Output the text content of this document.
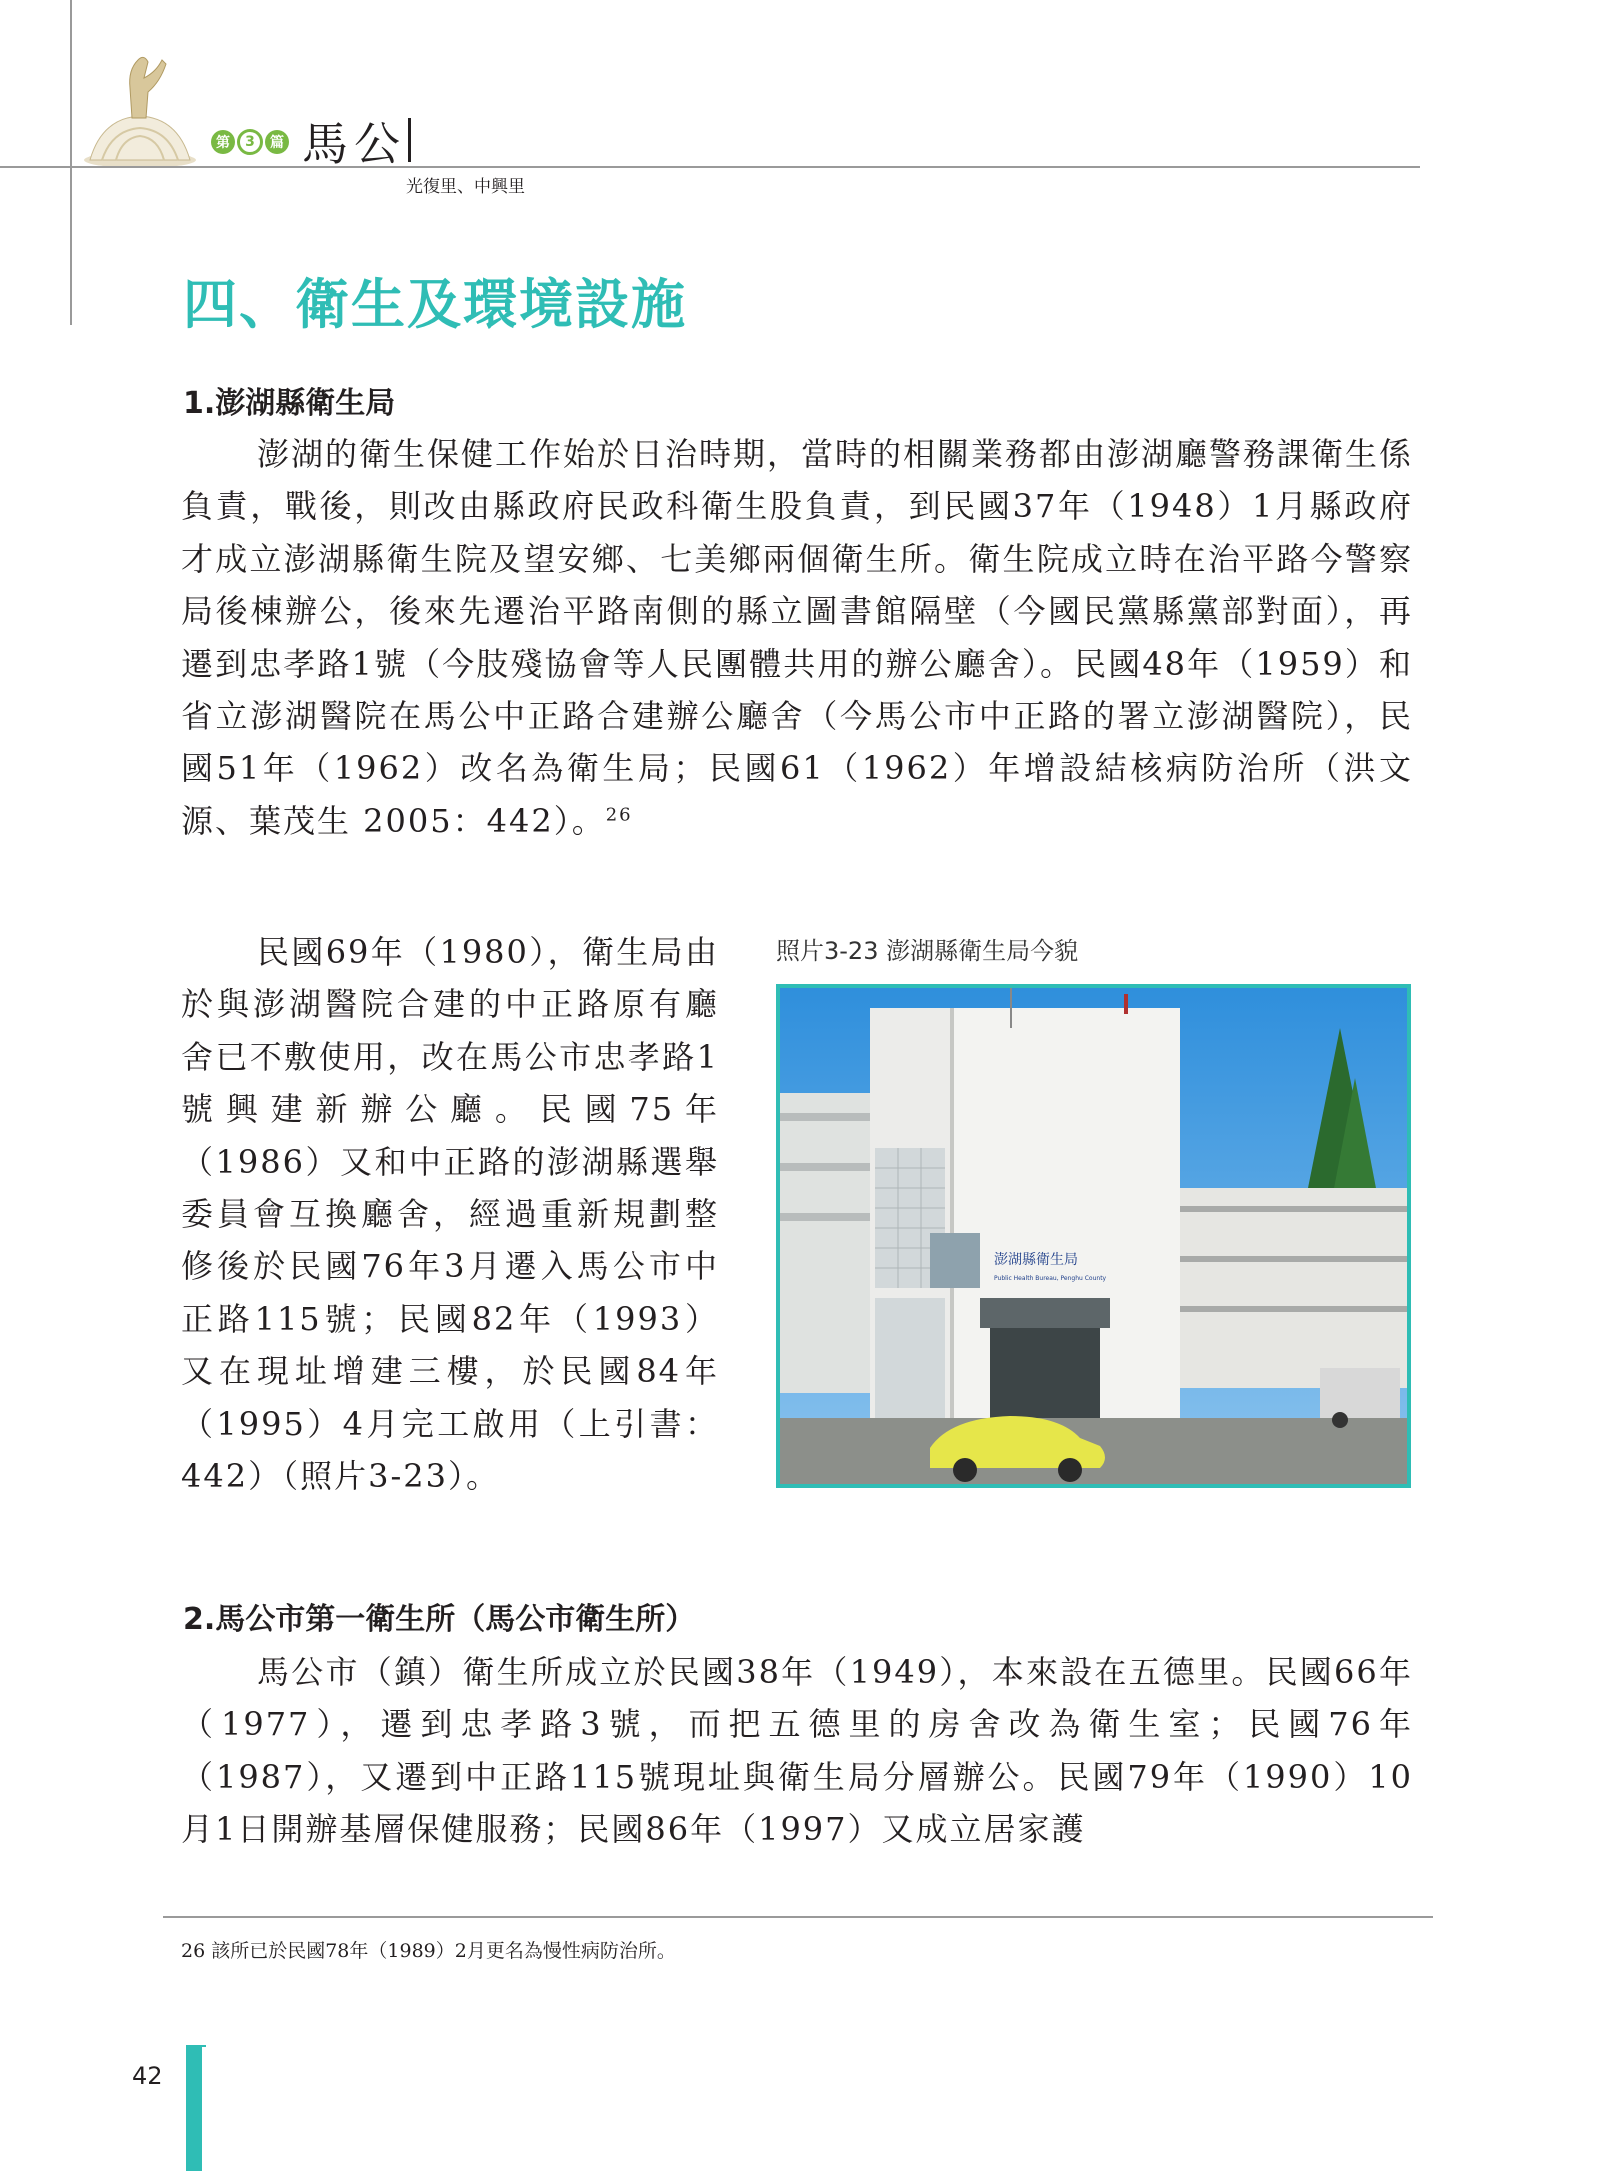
第	3	篇 馬公
光復里、中興里
四、衛生及環境設施
1.澎湖縣衛生局

澎湖的衛生保健工作始於日治時期，當時的相關業務都由澎湖廳警務課衛生係負責，戰後，則改由縣政府民政科衛生股負責，到民國37年（1948）1月縣政府才成立澎湖縣衛生院及望安鄉、七美鄉兩個衛生所。衛生院成立時在治平路今警察局後棟辦公，後來先遷治平路南側的縣立圖書館隔壁（今國民黨縣黨部對面），再遷到忠孝路1號（今肢殘協會等人民團體共用的辦公廳舍）。民國48年（1959）和省立澎湖醫院在馬公中正路合建辦公廳舍（今馬公市中正路的署立澎湖醫院），民國51年（1962）改名為衛生局；民國61（1962）年增設結核病防治所（洪文源、葉茂生 2005：442）。$^{26}$

民國69年（1980），衛生局由於與澎湖醫院合建的中正路原有廳舍已不敷使用，改在馬公市忠孝路1號興建新辦公廳。民國75年（1986）又和中正路的澎湖縣選舉委員會互換廳舍，經過重新規劃整修後於民國76年3月遷入馬公市中正路115號；民國82年（1993）又在現址增建三樓，於民國84年（1995）4月完工啟用（上引書：442）（照片3-23）。

照片3-23 澎湖縣衛生局今貌
澎湖縣衛生局
Public Health Bureau, Penghu County
2.馬公市第一衛生所（馬公市衛生所）

馬公市（鎮）衛生所成立於民國38年（1949），本來設在五德里。民國66年（1977），遷到忠孝路3號，而把五德里的房舍改為衛生室；民國76年（1987），又遷到中正路115號現址與衛生局分層辦公。民國79年（1990）10月1日開辦基層保健服務；民國86年（1997）又成立居家護

26 該所已於民國78年（1989）2月更名為慢性病防治所。
42
